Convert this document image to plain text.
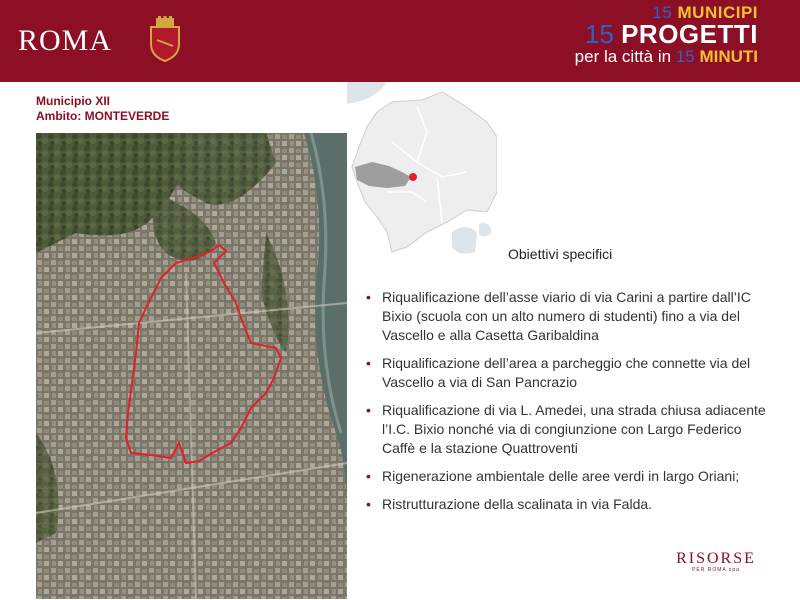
ROMA
15 MUNICIPI
15 PROGETTI
per la città in 15 MINUTI
Municipio XII
Ambito: MONTEVERDE
Obiettivi specifici
• Riqualificazione dell’asse viario di via Carini a partire dall’IC Bixio (scuola con un alto numero di studenti) fino a via del Vascello e alla Casetta Garibaldina
• Riqualificazione dell’area a parcheggio che connette via del Vascello a via di San Pancrazio
• Riqualificazione di via L. Amedei, una strada chiusa adiacente l’I.C. Bixio nonché via di congiunzione con Largo Federico Caffè e la stazione Quattroventi
• Rigenerazione ambientale delle aree verdi in largo Oriani;
• Ristrutturazione della scalinata in via Falda.
RISORSE
PER ROMA spa
